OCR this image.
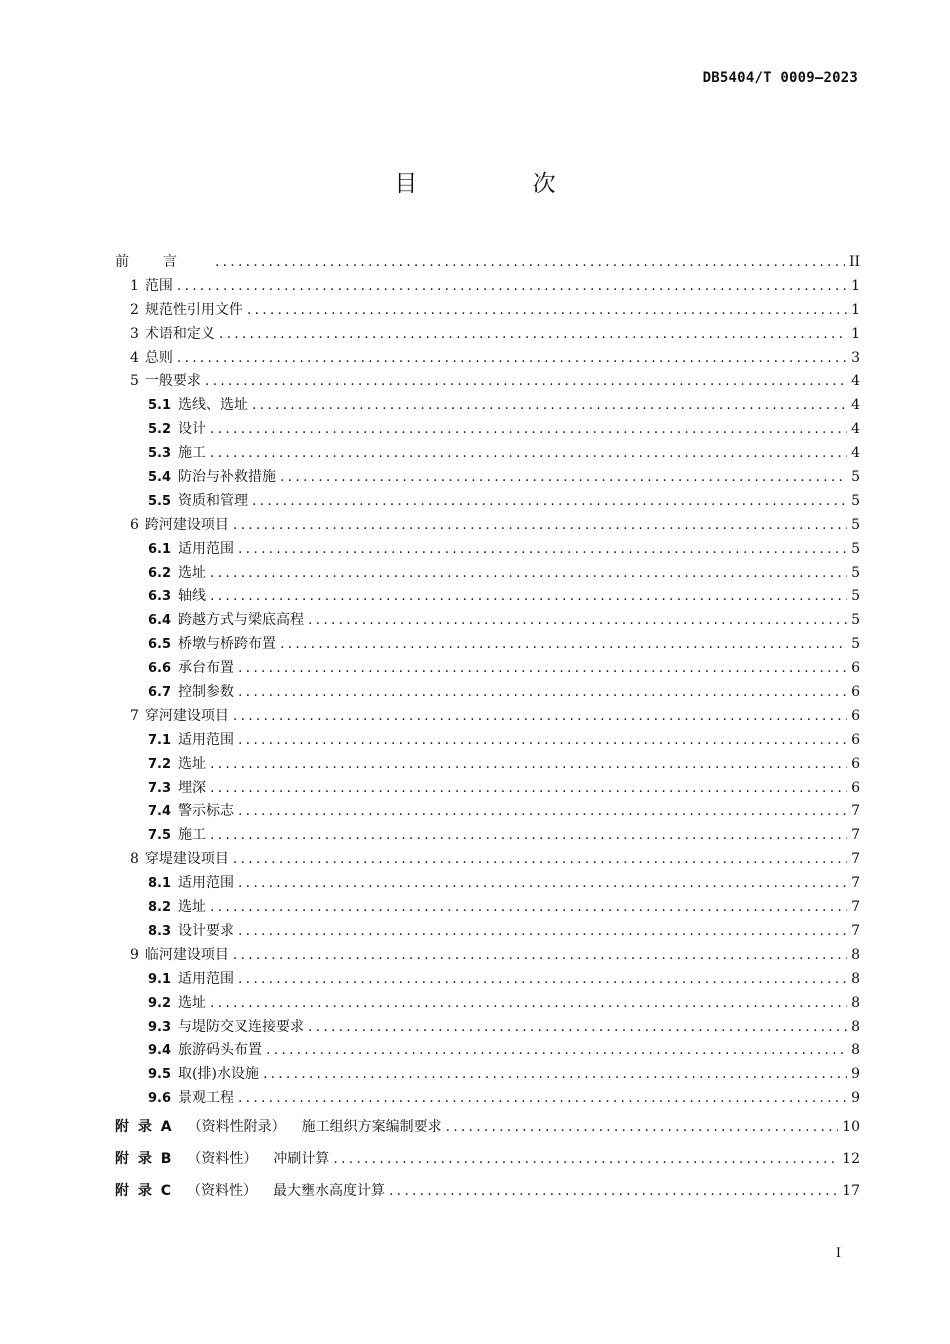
DB5404/T 0009—2023
目 次
前言 .....	II
1 范围 .....	1
2 规范性引用文件 .....	1
3 术语和定义 .....	1
4 总则 .....	3
5 一般要求 .....	4
5.1 选线、选址 .....	4
5.2 设计 .....	4
5.3 施工 .....	4
5.4 防治与补救措施 .....	5
5.5 资质和管理 .....	5
6 跨河建设项目 .....	5
6.1 适用范围 .....	5
6.2 选址 .....	5
6.3 轴线 .....	5
6.4 跨越方式与梁底高程 .....	5
6.5 桥墩与桥跨布置 .....	5
6.6 承台布置 .....	6
6.7 控制参数 .....	6
7 穿河建设项目 .....	6
7.1 适用范围 .....	6
7.2 选址 .....	6
7.3 埋深 .....	6
7.4 警示标志 .....	7
7.5 施工 .....	7
8 穿堤建设项目 .....	7
8.1 适用范围 .....	7
8.2 选址 .....	7
8.3 设计要求 .....	7
9 临河建设项目 .....	8
9.1 适用范围 .....	8
9.2 选址 .....	8
9.3 与堤防交叉连接要求 .....	8
9.4 旅游码头布置 .....	8
9.5 取(排)水设施 .....	9
9.6 景观工程 .....	9
附 录 A （资料性附录） 施工组织方案编制要求 .....	10
附 录 B （资料性） 冲刷计算 .....	12
附 录 C （资料性） 最大壅水高度计算 .....	17
I
